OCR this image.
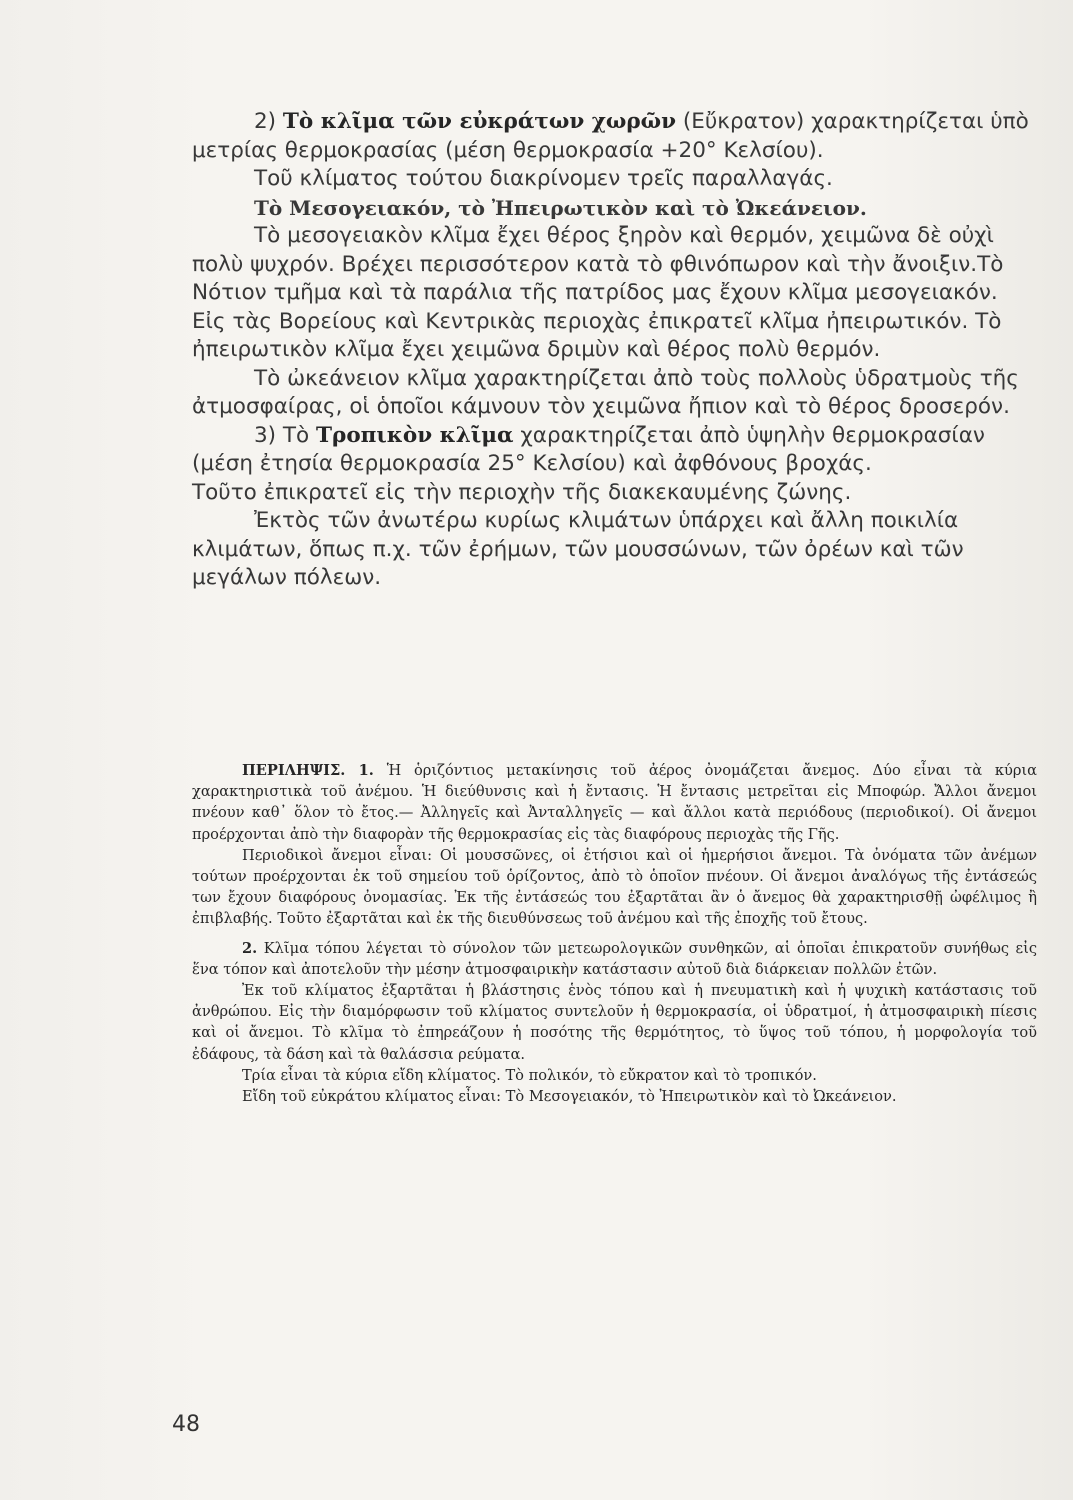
2) Τὸ κλῖμα τῶν εὐκράτων χωρῶν (Εὔκρατον) χαρακτηρίζεται ὑπὸ μετρίας θερμοκρασίας (μέση θερμοκρασία +20° Κελσίου).

Τοῦ κλίματος τούτου διακρίνομεν τρεῖς παραλλαγάς.

Τὸ Μεσογειακόν, τὸ Ἠπειρωτικὸν καὶ τὸ Ὠκεάνειον.

Τὸ μεσογειακὸν κλῖμα ἔχει θέρος ξηρὸν καὶ θερμόν, χειμῶνα δὲ οὐχὶ πολὺ ψυχρόν. Βρέχει περισσότερον κατὰ τὸ φθινόπωρον καὶ τὴν ἄνοιξιν.Τὸ Νότιον τμῆμα καὶ τὰ παράλια τῆς πατρίδος μας ἔχουν κλῖμα μεσογειακόν. Εἰς τὰς Βορείους καὶ Κεντρικὰς περιοχὰς ἐπικρατεῖ κλῖμα ἠπειρωτικόν. Τὸ ἠπειρωτικὸν κλῖμα ἔχει χειμῶνα δριμὺν καὶ θέρος πολὺ θερμόν.

Τὸ ὠκεάνειον κλῖμα χαρακτηρίζεται ἀπὸ τοὺς πολλοὺς ὑδρατμοὺς τῆς ἀτμοσφαίρας, οἱ ὁποῖοι κάμνουν τὸν χειμῶνα ἤπιον καὶ τὸ θέρος δροσερόν.

3) Τὸ Τροπικὸν κλῖμα χαρακτηρίζεται ἀπὸ ὑψηλὴν θερμοκρασίαν (μέση ἐτησία θερμοκρασία 25° Κελσίου) καὶ ἀφθόνους βροχάς.

Τοῦτο ἐπικρατεῖ εἰς τὴν περιοχὴν τῆς διακεκαυμένης ζώνης.

Ἐκτὸς τῶν ἀνωτέρω κυρίως κλιμάτων ὑπάρχει καὶ ἄλλη ποικιλία κλιμάτων, ὅπως π.χ. τῶν ἐρήμων, τῶν μουσσώνων, τῶν ὀρέων καὶ τῶν μεγάλων πόλεων.

ΠΕΡΙΛΗΨΙΣ. 1. Ἡ ὁριζόντιος μετακίνησις τοῦ ἀέρος ὀνομάζεται ἄνεμος. Δύο εἶναι τὰ κύρια χαρακτηριστικὰ τοῦ ἀνέμου. Ἡ διεύθυνσις καὶ ἡ ἔντασις. Ἡ ἔντασις μετρεῖται εἰς Μποφώρ. Ἄλλοι ἄνεμοι πνέουν καθ᾽ ὅλον τὸ ἔτος.— Ἀλληγεῖς καὶ Ἀνταλληγεῖς — καὶ ἄλλοι κατὰ περιόδους (περιοδικοί). Οἱ ἄνεμοι προέρχονται ἀπὸ τὴν διαφορὰν τῆς θερμοκρασίας εἰς τὰς διαφόρους περιοχὰς τῆς Γῆς.

Περιοδικοὶ ἄνεμοι εἶναι: Οἱ μουσσῶνες, οἱ ἐτήσιοι καὶ οἱ ἡμερήσιοι ἄνεμοι. Τὰ ὀνόματα τῶν ἀνέμων τούτων προέρχονται ἐκ τοῦ σημείου τοῦ ὁρίζοντος, ἀπὸ τὸ ὁποῖον πνέουν. Οἱ ἄνεμοι ἀναλόγως τῆς ἐντάσεώς των ἔχουν διαφόρους ὀνομασίας. Ἐκ τῆς ἐντάσεώς του ἐξαρτᾶται ἂν ὁ ἄνεμος θὰ χαρακτηρισθῇ ὠφέλιμος ἢ ἐπιβλαβής. Τοῦτο ἐξαρτᾶται καὶ ἐκ τῆς διευθύνσεως τοῦ ἀνέμου καὶ τῆς ἐποχῆς τοῦ ἔτους.

2. Κλῖμα τόπου λέγεται τὸ σύνολον τῶν μετεωρολογικῶν συνθηκῶν, αἱ ὁποῖαι ἐπικρατοῦν συνήθως εἰς ἕνα τόπον καὶ ἀποτελοῦν τὴν μέσην ἀτμοσφαιρικὴν κατάστασιν αὐτοῦ διὰ διάρκειαν πολλῶν ἐτῶν.

Ἐκ τοῦ κλίματος ἐξαρτᾶται ἡ βλάστησις ἑνὸς τόπου καὶ ἡ πνευματικὴ καὶ ἡ ψυχικὴ κατάστασις τοῦ ἀνθρώπου. Εἰς τὴν διαμόρφωσιν τοῦ κλίματος συντελοῦν ἡ θερμοκρασία, οἱ ὑδρατμοί, ἡ ἀτμοσφαιρικὴ πίεσις καὶ οἱ ἄνεμοι. Τὸ κλῖμα τὸ ἐπηρεάζουν ἡ ποσότης τῆς θερμότητος, τὸ ὕψος τοῦ τόπου, ἡ μορφολογία τοῦ ἐδάφους, τὰ δάση καὶ τὰ θαλάσσια ρεύματα.

Τρία εἶναι τὰ κύρια εἴδη κλίματος. Τὸ πολικόν, τὸ εὔκρατον καὶ τὸ τροπικόν.

Εἴδη τοῦ εὐκράτου κλίματος εἶναι: Τὸ Μεσογειακόν, τὸ Ἠπειρωτικὸν καὶ τὸ Ὠκεάνειον.

48
